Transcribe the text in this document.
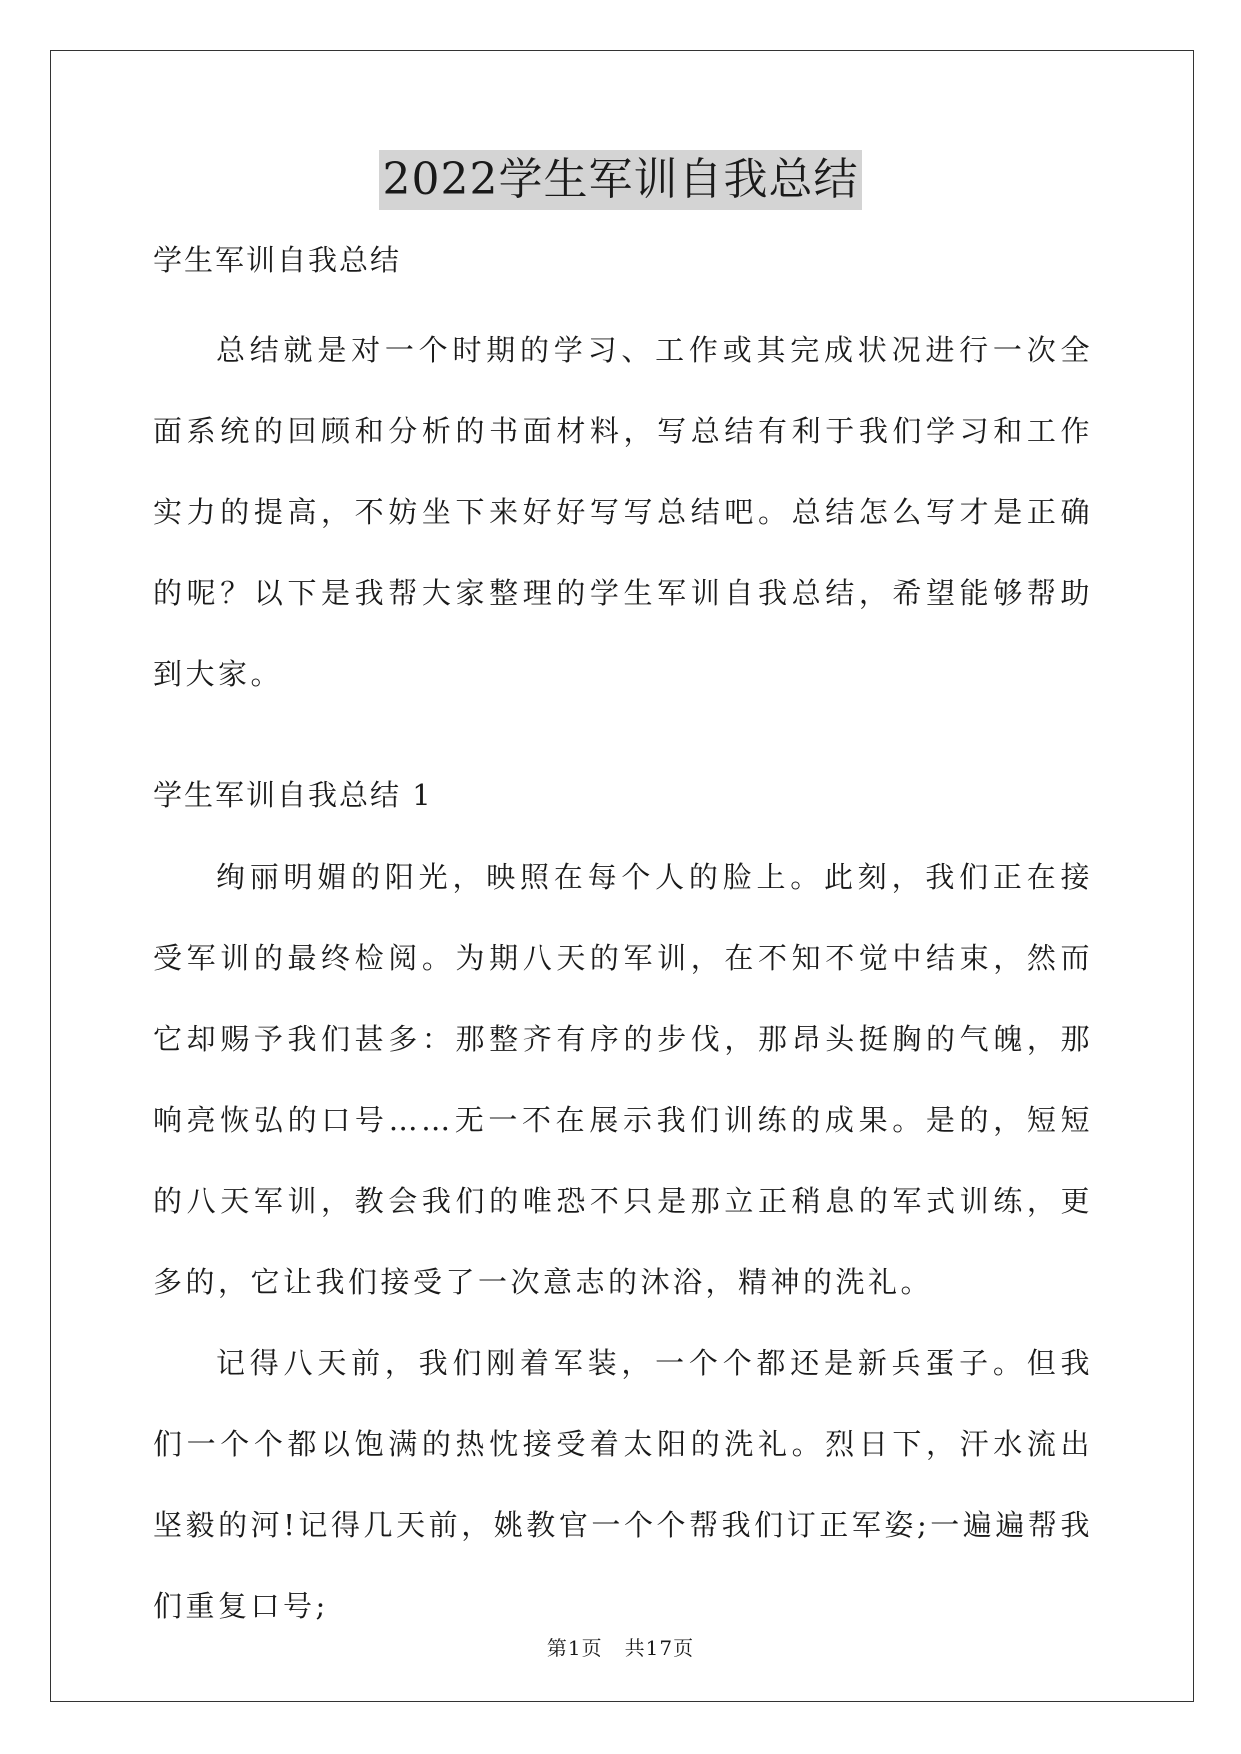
2022学生军训自我总结

学生军训自我总结

总结就是对一个时期的学习、工作或其完成状况进行一次全面系统的回顾和分析的书面材料，写总结有利于我们学习和工作实力的提高，不妨坐下来好好写写总结吧。总结怎么写才是正确的呢？以下是我帮大家整理的学生军训自我总结，希望能够帮助到大家。

学生军训自我总结 1

绚丽明媚的阳光，映照在每个人的脸上。此刻，我们正在接受军训的最终检阅。为期八天的军训，在不知不觉中结束，然而它却赐予我们甚多：那整齐有序的步伐，那昂头挺胸的气魄，那响亮恢弘的口号……无一不在展示我们训练的成果。是的，短短的八天军训，教会我们的唯恐不只是那立正稍息的军式训练，更多的，它让我们接受了一次意志的沐浴，精神的洗礼。

记得八天前，我们刚着军装，一个个都还是新兵蛋子。但我们一个个都以饱满的热忱接受着太阳的洗礼。烈日下，汗水流出坚毅的河!记得几天前，姚教官一个个帮我们订正军姿;一遍遍帮我们重复口号;

第1页 共17页
